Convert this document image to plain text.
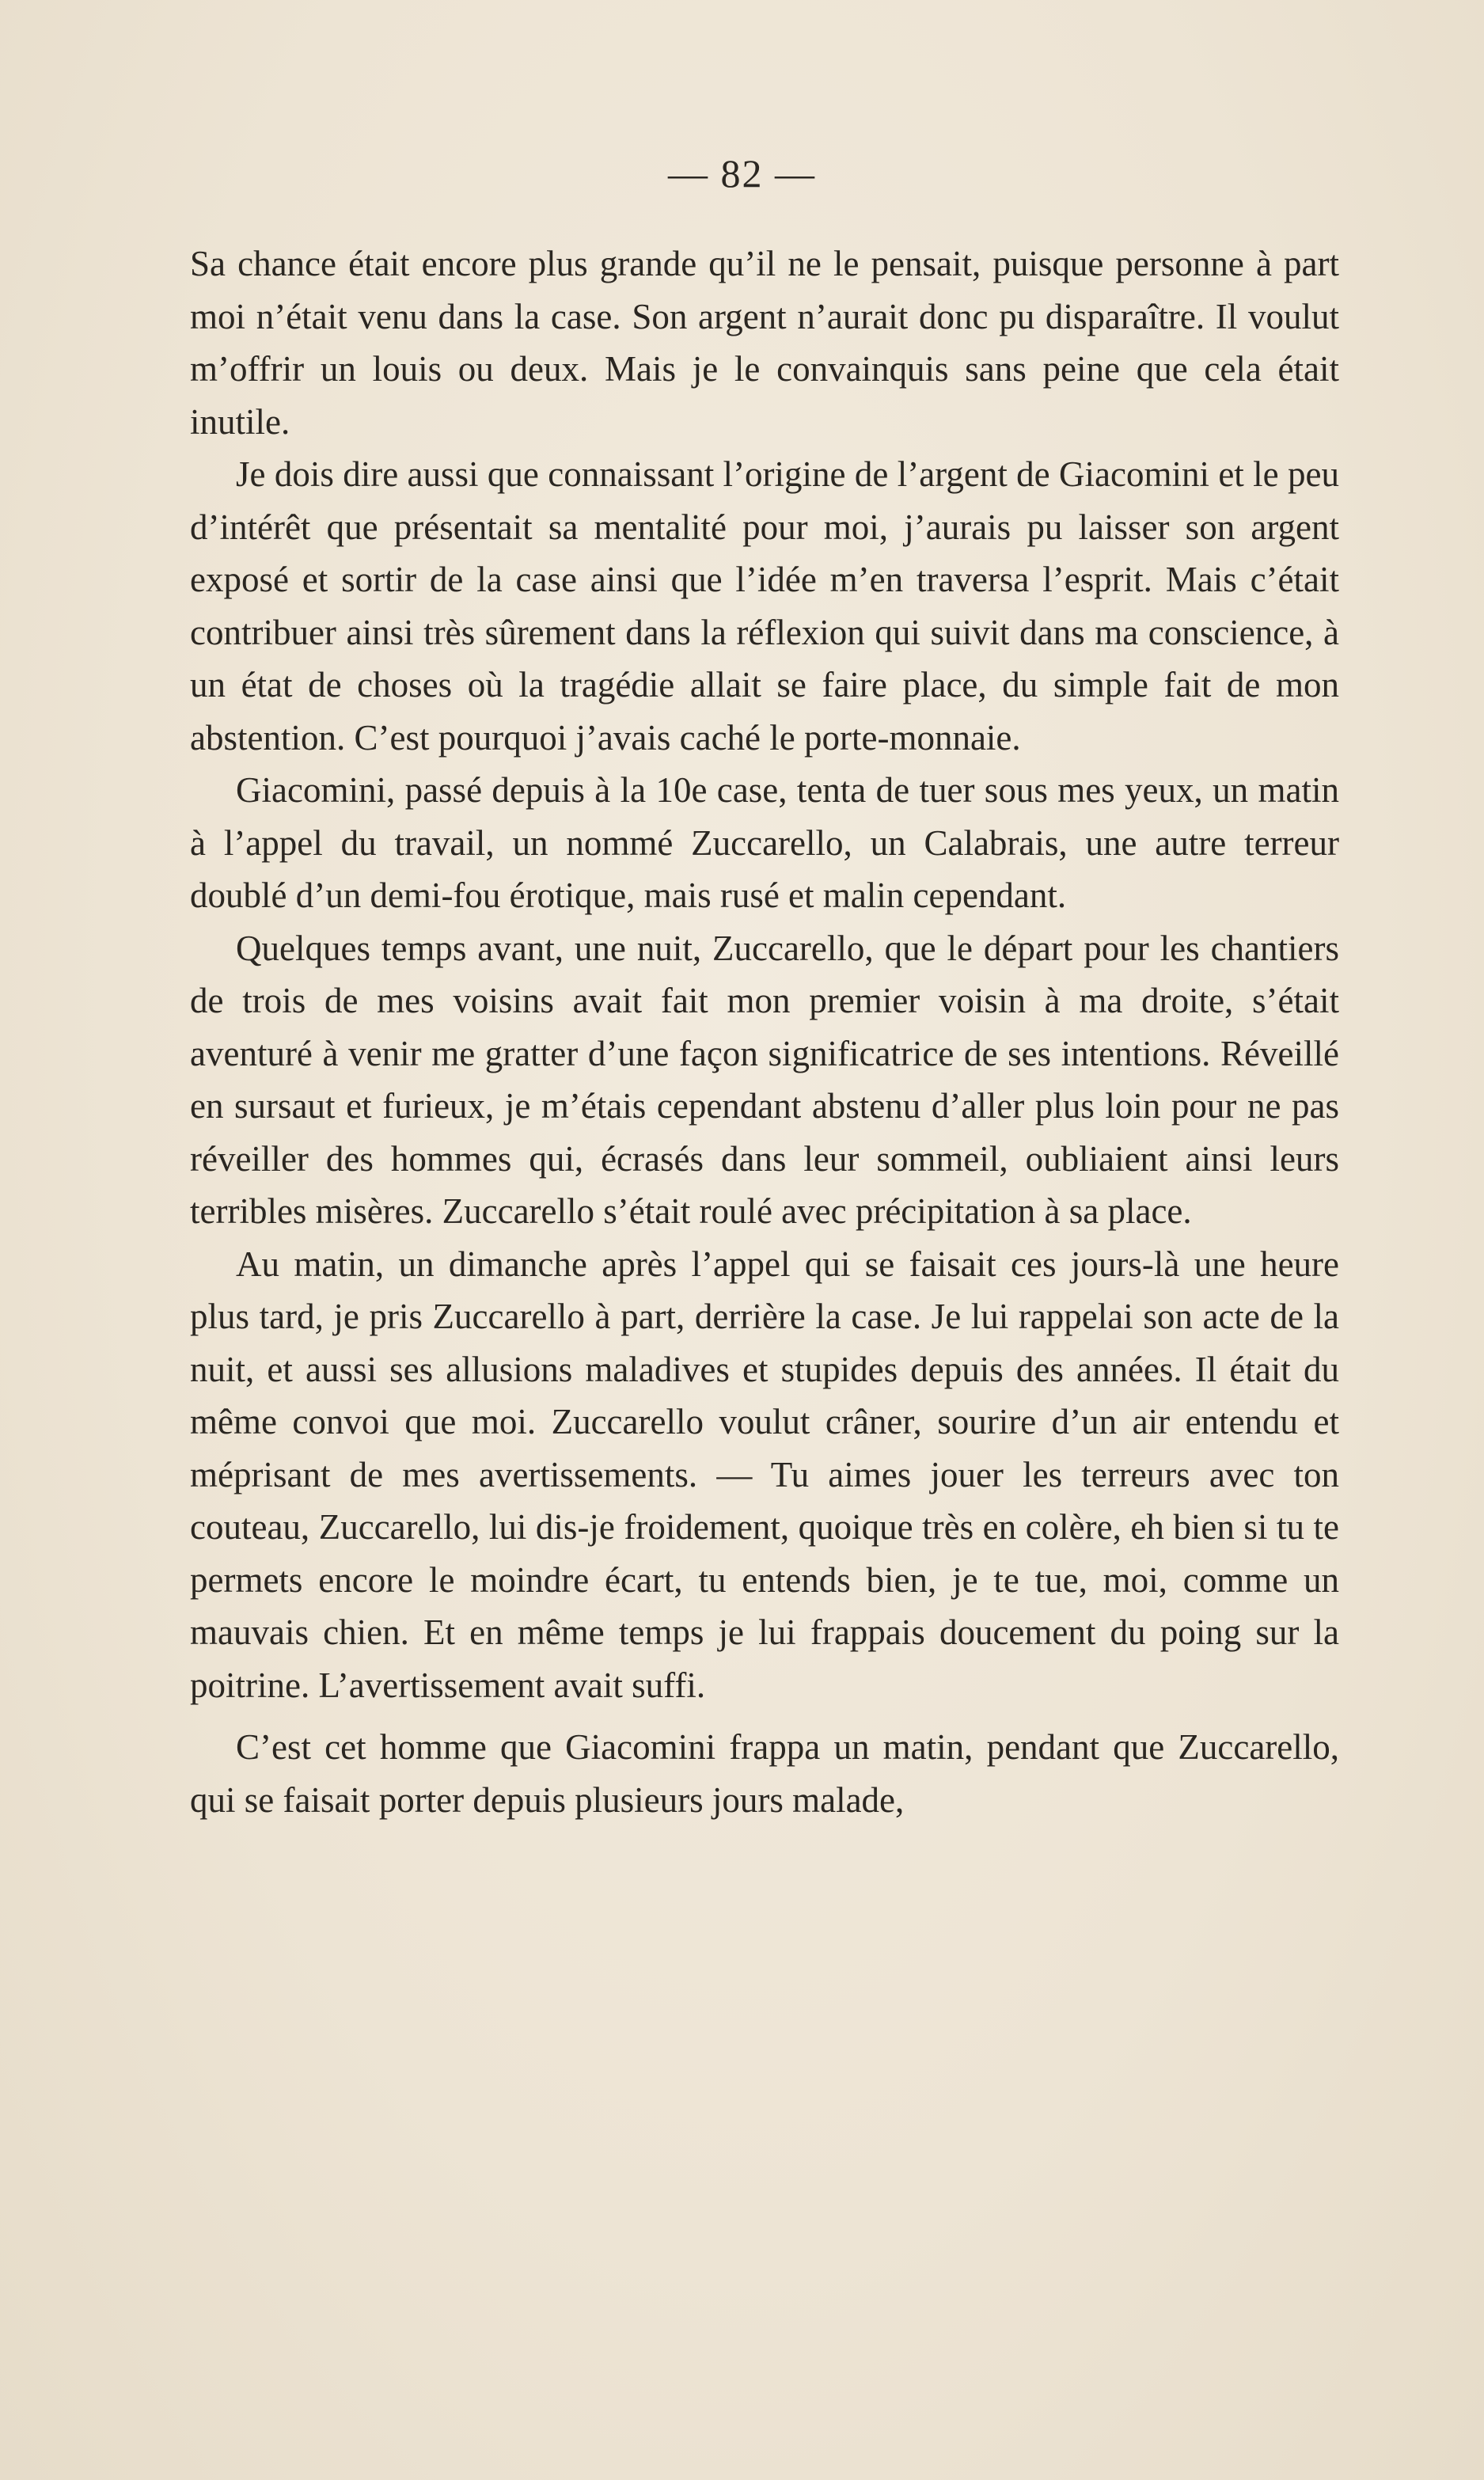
— 82 —

Sa chance était encore plus grande qu’il ne le pensait, puisque personne à part moi n’était venu dans la case. Son argent n’aurait donc pu disparaître. Il voulut m’offrir un louis ou deux. Mais je le convainquis sans peine que cela était inutile.

Je dois dire aussi que connaissant l’origine de l’argent de Giacomini et le peu d’intérêt que présentait sa mentalité pour moi, j’aurais pu laisser son argent exposé et sortir de la case ainsi que l’idée m’en traversa l’esprit. Mais c’était contribuer ainsi très sûrement dans la réflexion qui suivit dans ma conscience, à un état de choses où la tragédie allait se faire place, du simple fait de mon abstention. C’est pourquoi j’avais caché le porte-monnaie.

Giacomini, passé depuis à la 10e case, tenta de tuer sous mes yeux, un matin à l’appel du travail, un nommé Zuccarello, un Calabrais, une autre terreur doublé d’un demi-fou érotique, mais rusé et malin cependant.

Quelques temps avant, une nuit, Zuccarello, que le départ pour les chantiers de trois de mes voisins avait fait mon premier voisin à ma droite, s’était aventuré à venir me gratter d’une façon significatrice de ses intentions. Réveillé en sursaut et furieux, je m’étais cependant abstenu d’aller plus loin pour ne pas réveiller des hommes qui, écrasés dans leur sommeil, oubliaient ainsi leurs terribles misères. Zuccarello s’était roulé avec précipitation à sa place.

Au matin, un dimanche après l’appel qui se faisait ces jours-là une heure plus tard, je pris Zuccarello à part, derrière la case. Je lui rappelai son acte de la nuit, et aussi ses allusions maladives et stupides depuis des années. Il était du même convoi que moi. Zuccarello voulut crâner, sourire d’un air entendu et méprisant de mes avertissements. — Tu aimes jouer les terreurs avec ton couteau, Zuccarello, lui dis-je froidement, quoique très en colère, eh bien si tu te permets encore le moindre écart, tu entends bien, je te tue, moi, comme un mauvais chien. Et en même temps je lui frappais doucement du poing sur la poitrine. L’avertissement avait suffi.

C’est cet homme que Giacomini frappa un matin, pendant que Zuccarello, qui se faisait porter depuis plusieurs jours malade,
